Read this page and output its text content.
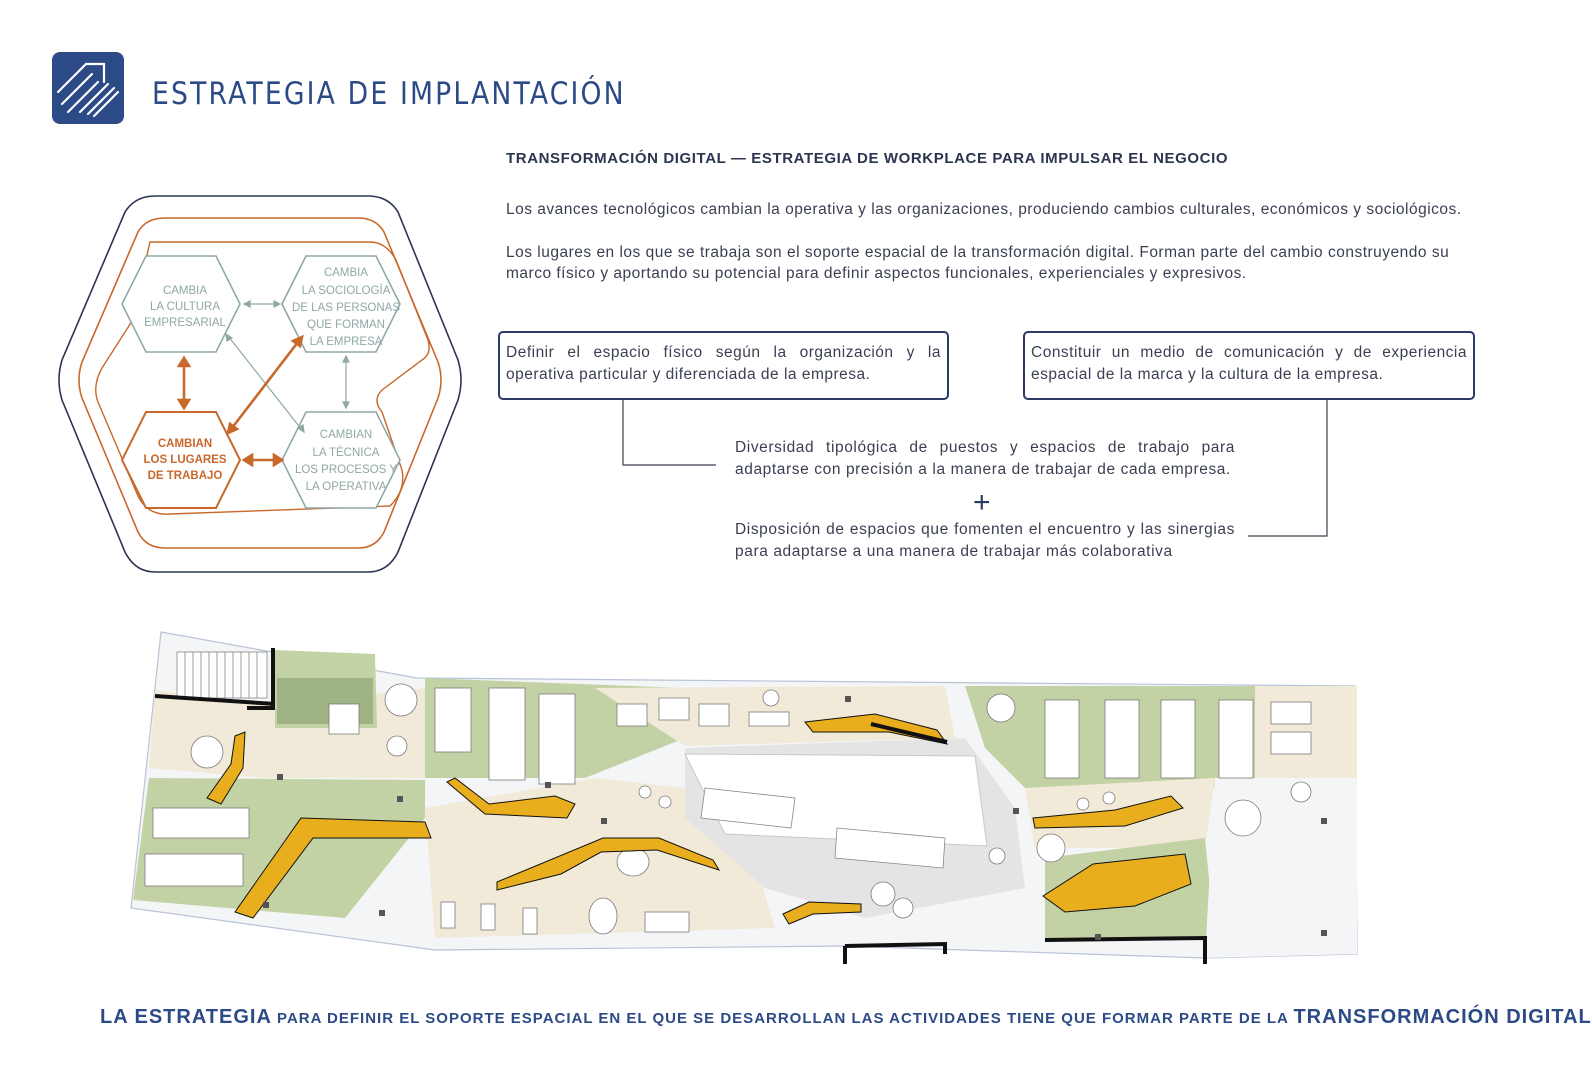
ESTRATEGIA DE IMPLANTACIÓN
TRANSFORMACIÓN DIGITAL — ESTRATEGIA DE WORKPLACE PARA IMPULSAR EL NEGOCIO
Los avances tecnológicos cambian la operativa y las organizaciones, produciendo cambios culturales, económicos y sociológicos.
Los lugares en los que se trabaja son el soporte espacial de la transformación digital. Forman parte del cambio construyendo su marco físico y aportando su potencial para definir aspectos funcionales, experienciales y expresivos.
CAMBIA
LA CULTURA
EMPRESARIAL
CAMBIA
LA SOCIOLOGÍA
DE LAS PERSONAS
QUE FORMAN
LA EMPRESA
CAMBIAN
LA TÉCNICA
LOS PROCESOS Y
LA OPERATIVA
CAMBIAN
LOS LUGARES
DE TRABAJO
Definir el espacio físico según la organización y la operativa particular y diferenciada de la empresa.
Constituir un medio de comunicación y de experiencia espacial de la marca y la cultura de la empresa.
Diversidad tipológica de puestos y espacios de trabajo para adaptarse con precisión a la manera de trabajar de cada empresa.
+
Disposición de espacios que fomenten el encuentro y las sinergias para adaptarse a una manera de trabajar más colaborativa
LA ESTRATEGIA PARA DEFINIR EL SOPORTE ESPACIAL EN EL QUE SE DESARROLLAN LAS ACTIVIDADES TIENE QUE FORMAR PARTE DE LA TRANSFORMACIÓN DIGITAL
